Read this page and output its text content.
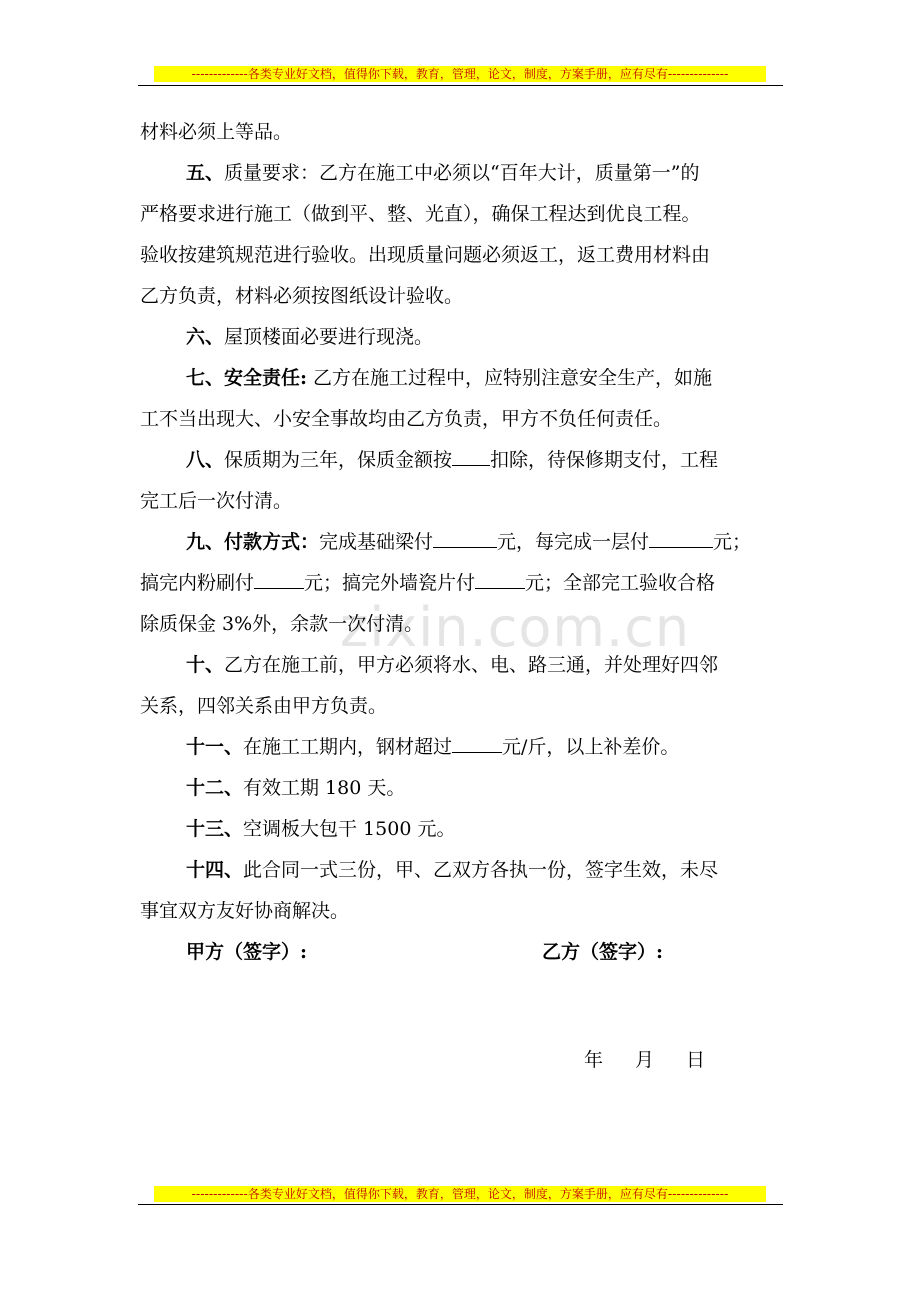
-------------各类专业好文档，值得你下载，教育，管理，论文，制度，方案手册，应有尽有--------------
zixin.com.cn
材料必须上等品。
五、质量要求：乙方在施工中必须以“百年大计，质量第一”的
严格要求进行施工（做到平、整、光直），确保工程达到优良工程。
验收按建筑规范进行验收。出现质量问题必须返工，返工费用材料由
乙方负责，材料必须按图纸设计验收。
六、屋顶楼面必要进行现浇。
七、安全责任: 乙方在施工过程中，应特别注意安全生产，如施
工不当出现大、小安全事故均由乙方负责，甲方不负任何责任。
八、保质期为三年，保质金额按 扣除，待保修期支付，工程
完工后一次付清。
九、付款方式：完成基础梁付	元，每完成一层付	元；
搞完内粉刷付	元；搞完外墙瓷片付	元；全部完工验收合格
除质保金 3%外，余款一次付清。
十、乙方在施工前，甲方必须将水、电、路三通，并处理好四邻
关系，四邻关系由甲方负责。
十一、在施工工期内，钢材超过	元/斤，以上补差价。
十二、有效工期 180 天。
十三、空调板大包干 1500 元。
十四、此合同一式三份，甲、乙双方各执一份，签字生效，未尽
事宜双方友好协商解决。
甲方（签字）:	乙方（签字）:
年 月 日
-------------各类专业好文档，值得你下载，教育，管理，论文，制度，方案手册，应有尽有--------------
